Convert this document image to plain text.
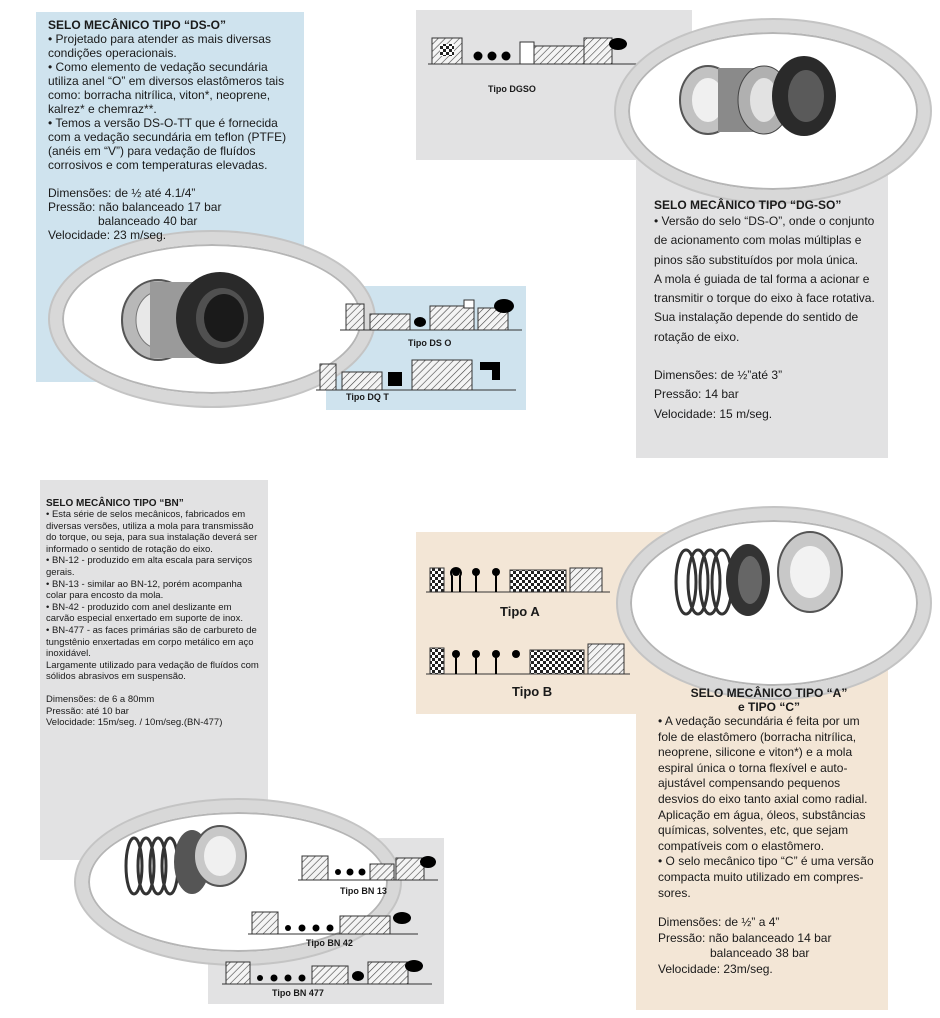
SELO MECÂNICO TIPO “DS-O”

• Projetado para atender as mais diversas condições operacionais.

• Como elemento de vedação secundária utiliza anel “O” em diversos elastômeros tais como: borracha nitrílica, viton*, neoprene, kalrez* e chemraz**.

• Temos a versão DS-O-TT que é fornecida com a vedação secundária em teflon (PTFE) (anéis em “V”) para vedação de fluídos corrosivos e com temperaturas elevadas.

Dimensões: de ½ até 4.1/4”

Pressão: não balanceado 17 bar

balanceado 40 bar

Velocidade: 23 m/seg.

Tipo DS O
Tipo DQ T
Tipo DGSO
SELO MECÂNICO TIPO “DG-SO”

• Versão do selo “DS-O”, onde o conjunto

de acionamento com molas múltiplas e

pinos são substituídos por mola única.

A mola é guiada de tal forma a acionar e

transmitir o torque do eixo à face rotativa.

Sua instalação depende do sentido de

rotação de eixo.

Dimensões: de ½”até 3”

Pressão: 14 bar

Velocidade: 15 m/seg.

SELO MECÂNICO TIPO “BN”

• Esta série de selos mecânicos, fabricados em diversas versões, utiliza a mola para transmissão do torque, ou seja, para sua instalação deverá ser informado o sentido de rotação do eixo.

• BN-12 - produzido em alta escala para serviços gerais.

• BN-13 - similar ao BN-12, porém acompanha colar para encosto da mola.

• BN-42 - produzido com anel deslizante em carvão especial enxertado em suporte de inox.

• BN-477 - as faces primárias são de carbureto de tungstênio enxertadas em corpo metálico em aço inoxidável.

Largamente utilizado para vedação de fluídos com sólidos abrasivos em suspensão.

Dimensões: de 6 a 80mm

Pressão: até 10 bar

Velocidade: 15m/seg. / 10m/seg.(BN-477)

Tipo BN 13
Tipo BN 42
Tipo BN 477
Tipo A
Tipo B	SELO MECÂNICO TIPO “A”
e TIPO “C”

• A vedação secundária é feita por um

fole de elastômero (borracha nitrílica,

neoprene, silicone e viton*) e a mola

espiral única o torna flexível e auto-

ajustável compensando pequenos

desvios do eixo tanto axial como radial.

Aplicação em água, óleos, substâncias

químicas, solventes, etc, que sejam

compatíveis com o elastômero.

• O selo mecânico tipo “C” é uma versão

compacta muito utilizado em compres-

sores.

Dimensões: de ½” a 4”

Pressão: não balanceado 14 bar

balanceado 38 bar

Velocidade: 23m/seg.
